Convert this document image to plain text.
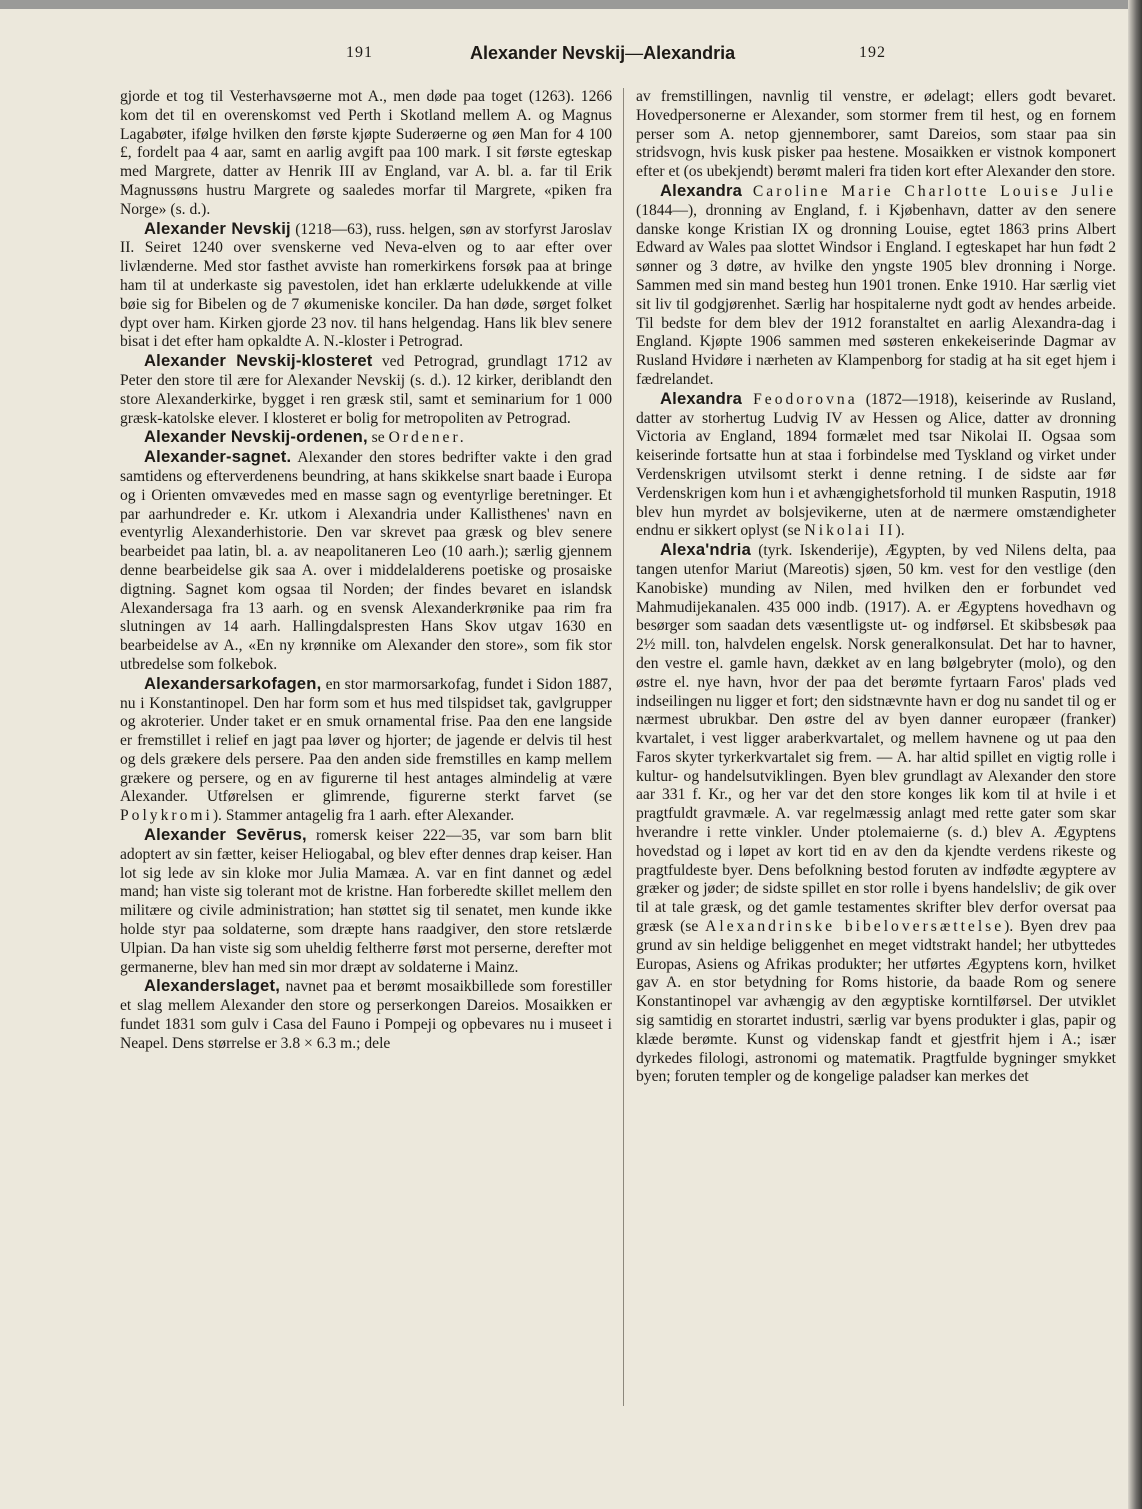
191	Alexander Nevskij—Alexandria	192

gjorde et tog til Vesterhavsøerne mot A., men døde paa toget (1263). 1266 kom det til en overenskomst ved Perth i Skotland mellem A. og Magnus Lagabøter, ifølge hvilken den første kjøpte Suderøerne og øen Man for 4 100 £, fordelt paa 4 aar, samt en aarlig avgift paa 100 mark. I sit første egteskap med Margrete, datter av Henrik III av England, var A. bl. a. far til Erik Magnussøns hustru Margrete og saaledes morfar til Margrete, «piken fra Norge» (s. d.).

Alexander Nevskij (1218—63), russ. helgen, søn av storfyrst Jaroslav II. Seiret 1240 over svenskerne ved Neva-elven og to aar efter over livlænderne. Med stor fasthet avviste han romerkirkens forsøk paa at bringe ham til at underkaste sig pavestolen, idet han erklærte udelukkende at ville bøie sig for Bibelen og de 7 økumeniske konciler. Da han døde, sørget folket dypt over ham. Kirken gjorde 23 nov. til hans helgendag. Hans lik blev senere bisat i det efter ham opkaldte A. N.-kloster i Petrograd.

Alexander Nevskij-klosteret ved Petrograd, grundlagt 1712 av Peter den store til ære for Alexander Nevskij (s. d.). 12 kirker, deriblandt den store Alexanderkirke, bygget i ren græsk stil, samt et seminarium for 1 000 græsk-katolske elever. I klosteret er bolig for metropoliten av Petrograd.

Alexander Nevskij-ordenen, se Ordener.

Alexander-sagnet. Alexander den stores bedrifter vakte i den grad samtidens og efterverdenens beundring, at hans skikkelse snart baade i Europa og i Orienten omvævedes med en masse sagn og eventyrlige beretninger. Et par aarhundreder e. Kr. utkom i Alexandria under Kallisthenes' navn en eventyrlig Alexanderhistorie. Den var skrevet paa græsk og blev senere bearbeidet paa latin, bl. a. av neapolitaneren Leo (10 aarh.); særlig gjennem denne bearbeidelse gik saa A. over i middelalderens poetiske og prosaiske digtning. Sagnet kom ogsaa til Norden; der findes bevaret en islandsk Alexandersaga fra 13 aarh. og en svensk Alexanderkrønike paa rim fra slutningen av 14 aarh. Hallingdalspresten Hans Skov utgav 1630 en bearbeidelse av A., «En ny krønnike om Alexander den store», som fik stor utbredelse som folkebok.

Alexandersarkofagen, en stor marmorsarkofag, fundet i Sidon 1887, nu i Konstantinopel. Den har form som et hus med tilspidset tak, gavlgrupper og akroterier. Under taket er en smuk ornamental frise. Paa den ene langside er fremstillet i relief en jagt paa løver og hjorter; de jagende er delvis til hest og dels grækere dels persere. Paa den anden side fremstilles en kamp mellem grækere og persere, og en av figurerne til hest antages almindelig at være Alexander. Utførelsen er glimrende, figurerne sterkt farvet (se Polykromi). Stammer antagelig fra 1 aarh. efter Alexander.

Alexander Sevērus, romersk keiser 222—35, var som barn blit adoptert av sin fætter, keiser Heliogabal, og blev efter dennes drap keiser. Han lot sig lede av sin kloke mor Julia Mamæa. A. var en fint dannet og ædel mand; han viste sig tolerant mot de kristne. Han forberedte skillet mellem den militære og civile administration; han støttet sig til senatet, men kunde ikke holde styr paa soldaterne, som dræpte hans raadgiver, den store retslærde Ulpian. Da han viste sig som uheldig feltherre først mot perserne, derefter mot germanerne, blev han med sin mor dræpt av soldaterne i Mainz.

Alexanderslaget, navnet paa et berømt mosaikbillede som forestiller et slag mellem Alexander den store og perserkongen Dareios. Mosaikken er fundet 1831 som gulv i Casa del Fauno i Pompeji og opbevares nu i museet i Neapel. Dens størrelse er 3.8 × 6.3 m.; dele

av fremstillingen, navnlig til venstre, er ødelagt; ellers godt bevaret. Hovedpersonerne er Alexander, som stormer frem til hest, og en fornem perser som A. netop gjennemborer, samt Dareios, som staar paa sin stridsvogn, hvis kusk pisker paa hestene. Mosaikken er vistnok komponert efter et (os ubekjendt) berømt maleri fra tiden kort efter Alexander den store.

Alexandra Caroline Marie Charlotte Louise Julie (1844—), dronning av England, f. i Kjøbenhavn, datter av den senere danske konge Kristian IX og dronning Louise, egtet 1863 prins Albert Edward av Wales paa slottet Windsor i England. I egteskapet har hun født 2 sønner og 3 døtre, av hvilke den yngste 1905 blev dronning i Norge. Sammen med sin mand besteg hun 1901 tronen. Enke 1910. Har særlig viet sit liv til godgjørenhet. Særlig har hospitalerne nydt godt av hendes arbeide. Til bedste for dem blev der 1912 foranstaltet en aarlig Alexandra-dag i England. Kjøpte 1906 sammen med søsteren enkekeiserinde Dagmar av Rusland Hvidøre i nærheten av Klampenborg for stadig at ha sit eget hjem i fædrelandet.

Alexandra Feodorovna (1872—1918), keiserinde av Rusland, datter av storhertug Ludvig IV av Hessen og Alice, datter av dronning Victoria av England, 1894 formælet med tsar Nikolai II. Ogsaa som keiserinde fortsatte hun at staa i forbindelse med Tyskland og virket under Verdenskrigen utvilsomt sterkt i denne retning. I de sidste aar før Verdenskrigen kom hun i et avhængighetsforhold til munken Rasputin, 1918 blev hun myrdet av bolsjevikerne, uten at de nærmere omstændigheter endnu er sikkert oplyst (se Nikolai II).

Alexa'ndria (tyrk. Iskenderije), Ægypten, by ved Nilens delta, paa tangen utenfor Mariut (Mareotis) sjøen, 50 km. vest for den vestlige (den Kanobiske) munding av Nilen, med hvilken den er forbundet ved Mahmudijekanalen. 435 000 indb. (1917). A. er Ægyptens hovedhavn og besørger som saadan dets væsentligste ut- og indførsel. Et skibsbesøk paa 2½ mill. ton, halvdelen engelsk. Norsk generalkonsulat. Det har to havner, den vestre el. gamle havn, dækket av en lang bølgebryter (molo), og den østre el. nye havn, hvor der paa det berømte fyrtaarn Faros' plads ved indseilingen nu ligger et fort; den sidstnævnte havn er dog nu sandet til og er nærmest ubrukbar. Den østre del av byen danner europæer (franker) kvartalet, i vest ligger araberkvartalet, og mellem havnene og ut paa den Faros skyter tyrkerkvartalet sig frem. — A. har altid spillet en vigtig rolle i kultur- og handelsutviklingen. Byen blev grundlagt av Alexander den store aar 331 f. Kr., og her var det den store konges lik kom til at hvile i et pragtfuldt gravmæle. A. var regelmæssig anlagt med rette gater som skar hverandre i rette vinkler. Under ptolemaierne (s. d.) blev A. Ægyptens hovedstad og i løpet av kort tid en av den da kjendte verdens rikeste og pragtfuldeste byer. Dens befolkning bestod foruten av indfødte ægyptere av græker og jøder; de sidste spillet en stor rolle i byens handelsliv; de gik over til at tale græsk, og det gamle testamentes skrifter blev derfor oversat paa græsk (se Alexandrinske bibeloversættelse). Byen drev paa grund av sin heldige beliggenhet en meget vidtstrakt handel; her utbyttedes Europas, Asiens og Afrikas produkter; her utførtes Ægyptens korn, hvilket gav A. en stor betydning for Roms historie, da baade Rom og senere Konstantinopel var avhængig av den ægyptiske korntilførsel. Der utviklet sig samtidig en storartet industri, særlig var byens produkter i glas, papir og klæde berømte. Kunst og videnskap fandt et gjestfrit hjem i A.; især dyrkedes filologi, astronomi og matematik. Pragtfulde bygninger smykket byen; foruten templer og de kongelige paladser kan merkes det
